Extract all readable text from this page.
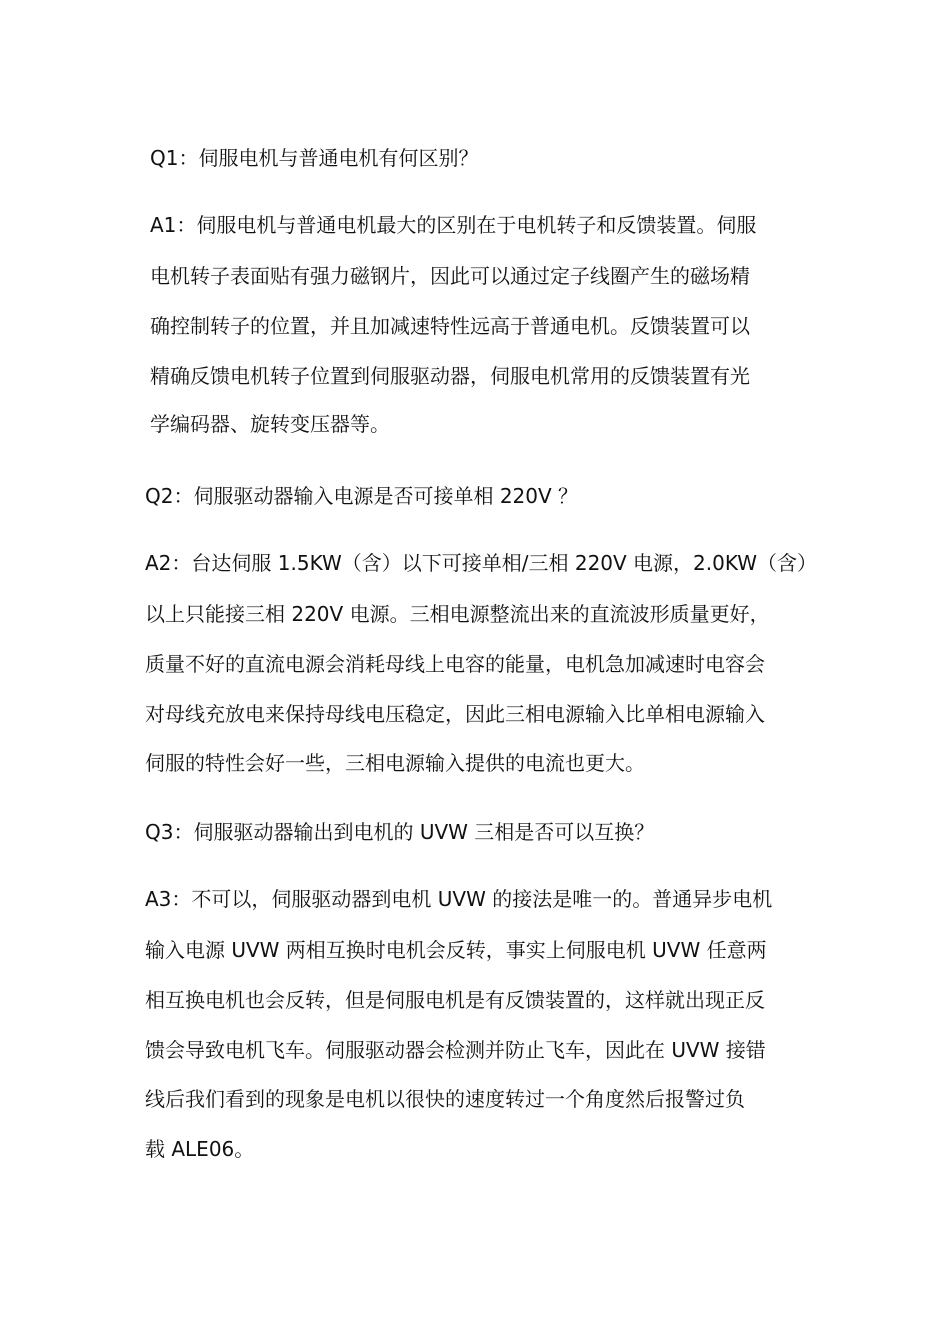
Q1：伺服电机与普通电机有何区别？
A1：伺服电机与普通电机最大的区别在于电机转子和反馈装置。伺服
电机转子表面贴有强力磁钢片，因此可以通过定子线圈产生的磁场精
确控制转子的位置，并且加减速特性远高于普通电机。反馈装置可以
精确反馈电机转子位置到伺服驱动器，伺服电机常用的反馈装置有光
学编码器、旋转变压器等。
Q2：伺服驱动器输入电源是否可接单相 220V ？
A2：台达伺服 1.5KW（含）以下可接单相/三相 220V 电源，2.0KW（含）
以上只能接三相 220V 电源。三相电源整流出来的直流波形质量更好，
质量不好的直流电源会消耗母线上电容的能量，电机急加减速时电容会
对母线充放电来保持母线电压稳定，因此三相电源输入比单相电源输入
伺服的特性会好一些，三相电源输入提供的电流也更大。
Q3：伺服驱动器输出到电机的 UVW 三相是否可以互换？
A3：不可以，伺服驱动器到电机 UVW 的接法是唯一的。普通异步电机
输入电源 UVW 两相互换时电机会反转，事实上伺服电机 UVW 任意两
相互换电机也会反转，但是伺服电机是有反馈装置的，这样就出现正反
馈会导致电机飞车。伺服驱动器会检测并防止飞车，因此在 UVW 接错
线后我们看到的现象是电机以很快的速度转过一个角度然后报警过负
载 ALE06。
